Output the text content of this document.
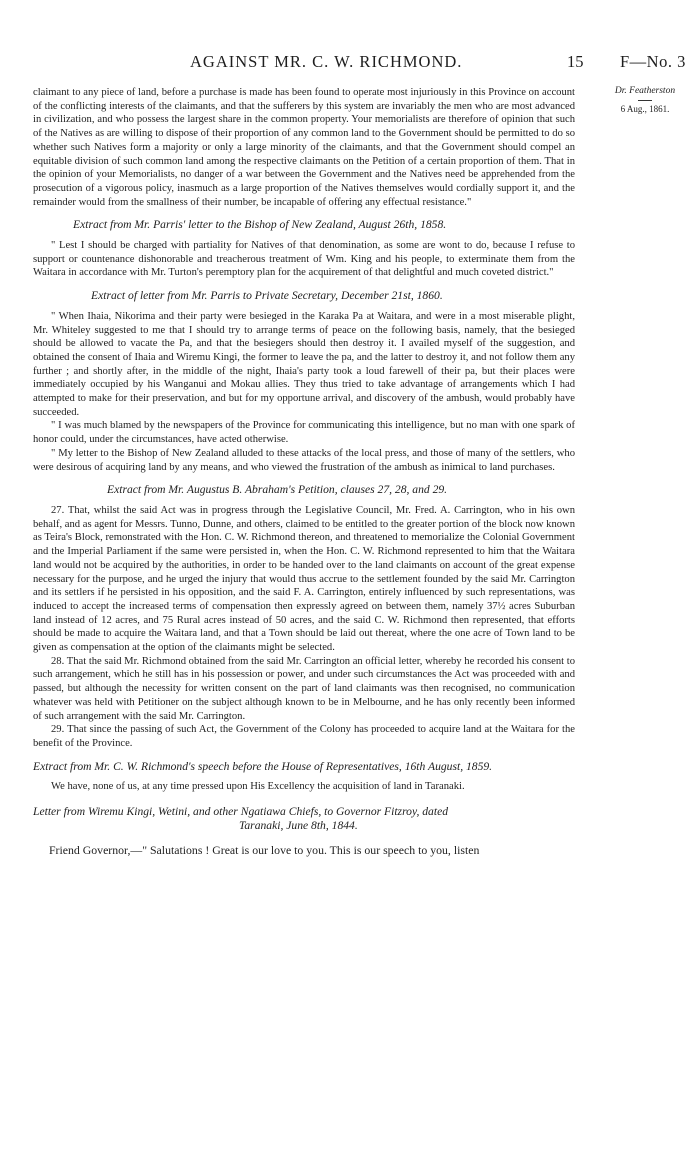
AGAINST MR. C. W. RICHMOND.	15 F—No. 3
Dr. Featherston
6 Aug., 1861.

claimant to any piece of land, before a purchase is made has been found to operate most injuriously in this Province on account of the conflicting interests of the claimants, and that the sufferers by this system are invariably the men who are most advanced in civilization, and who possess the largest share in the common property. Your memorialists are therefore of opinion that such of the Natives as are willing to dispose of their proportion of any common land to the Government should be permitted to do so whether such Natives form a majority or only a large minority of the claimants, and that the Government should compel an equitable division of such common land among the respective claimants on the Petition of a certain proportion of them. That in the opinion of your Memorialists, no danger of a war between the Government and the Natives need be apprehended from the prosecution of a vigorous policy, inasmuch as a large proportion of the Natives themselves would cordially support it, and the remainder would from the smallness of their number, be incapable of offering any effectual resistance."

Extract from Mr. Parris' letter to the Bishop of New Zealand, August 26th, 1858.

" Lest I should be charged with partiality for Natives of that denomination, as some are wont to do, because I refuse to support or countenance dishonorable and treacherous treatment of Wm. King and his people, to exterminate them from the Waitara in accordance with Mr. Turton's peremptory plan for the acquirement of that delightful and much coveted district."

Extract of letter from Mr. Parris to Private Secretary, December 21st, 1860.

" When Ihaia, Nikorima and their party were besieged in the Karaka Pa at Waitara, and were in a most miserable plight, Mr. Whiteley suggested to me that I should try to arrange terms of peace on the following basis, namely, that the besieged should be allowed to vacate the Pa, and that the besiegers should then destroy it. I availed myself of the suggestion, and obtained the consent of Ihaia and Wiremu Kingi, the former to leave the pa, and the latter to destroy it, and not follow them any further ; and shortly after, in the middle of the night, Ihaia's party took a loud farewell of their pa, but their places were immediately occupied by his Wanganui and Mokau allies. They thus tried to take advantage of arrangements which I had attempted to make for their preservation, and but for my opportune arrival, and discovery of the ambush, would probably have succeeded.

" I was much blamed by the newspapers of the Province for communicating this intelligence, but no man with one spark of honor could, under the circumstances, have acted otherwise.

" My letter to the Bishop of New Zealand alluded to these attacks of the local press, and those of many of the settlers, who were desirous of acquiring land by any means, and who viewed the frustration of the ambush as inimical to land purchases.

Extract from Mr. Augustus B. Abraham's Petition, clauses 27, 28, and 29.

27. That, whilst the said Act was in progress through the Legislative Council, Mr. Fred. A. Carrington, who in his own behalf, and as agent for Messrs. Tunno, Dunne, and others, claimed to be entitled to the greater portion of the block now known as Teira's Block, remonstrated with the Hon. C. W. Richmond thereon, and threatened to memorialize the Colonial Government and the Imperial Parliament if the same were persisted in, when the Hon. C. W. Richmond represented to him that the Waitara land would not be acquired by the authorities, in order to be handed over to the land claimants on account of the great expense necessary for the purpose, and he urged the injury that would thus accrue to the settlement founded by the said Mr. Carrington and its settlers if he persisted in his opposition, and the said F. A. Carrington, entirely influenced by such representations, was induced to accept the increased terms of compensation then expressly agreed on between them, namely 37½ acres Suburban land instead of 12 acres, and 75 Rural acres instead of 50 acres, and the said C. W. Richmond then represented, that efforts should be made to acquire the Waitara land, and that a Town should be laid out thereat, where the one acre of Town land to be given as compensation at the option of the claimants might be selected.

28. That the said Mr. Richmond obtained from the said Mr. Carrington an official letter, whereby he recorded his consent to such arrangement, which he still has in his possession or power, and under such circumstances the Act was proceeded with and passed, but although the necessity for written consent on the part of land claimants was then recognised, no communication whatever was held with Petitioner on the subject although known to be in Melbourne, and he has only recently been informed of such arrangement with the said Mr. Carrington.

29. That since the passing of such Act, the Government of the Colony has proceeded to acquire land at the Waitara for the benefit of the Province.

Extract from Mr. C. W. Richmond's speech before the House of Representatives, 16th August, 1859.

We have, none of us, at any time pressed upon His Excellency the acquisition of land in Taranaki.

Letter from Wiremu Kingi, Wetini, and other Ngatiawa Chiefs, to Governor Fitzroy, dated
Taranaki, June 8th, 1844.

Friend Governor,—" Salutations ! Great is our love to you. This is our speech to you, listen
